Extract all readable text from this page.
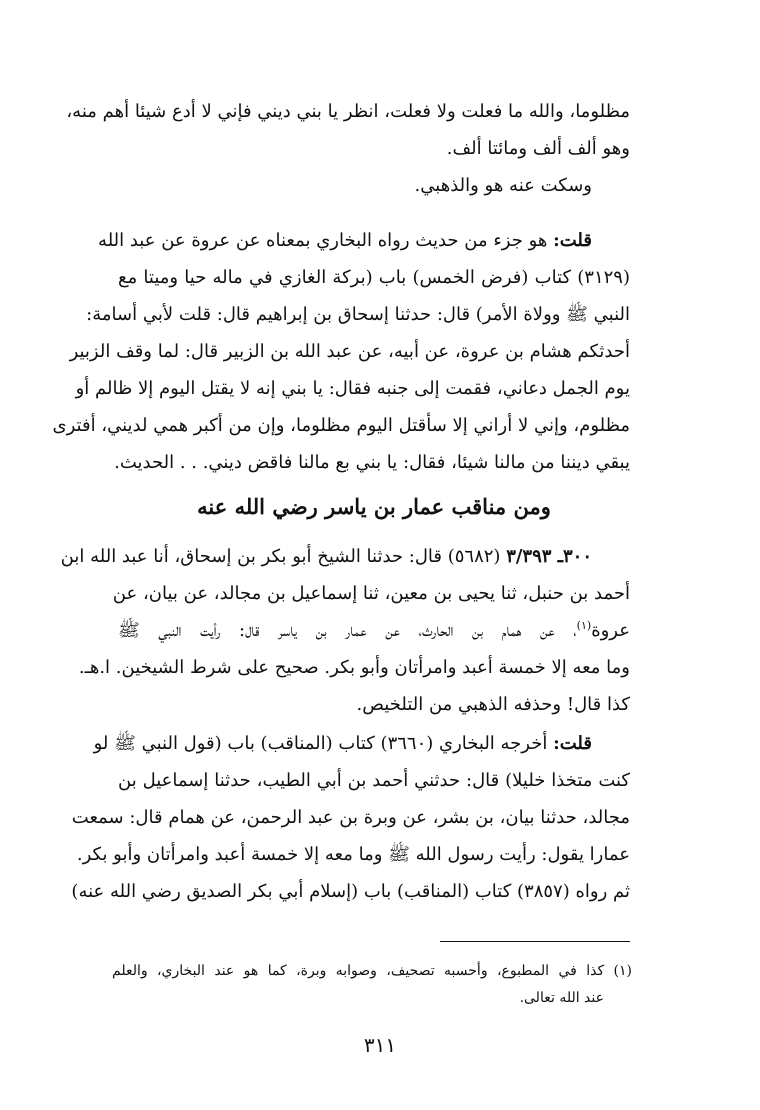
مظلوما، والله ما فعلت ولا فعلت، انظر يا بني ديني فإني لا أدع شيئا أهم منه،

وهو ألف ألف ومائتا ألف.

وسكت عنه هو والذهبي.

قلت: هو جزء من حديث رواه البخاري بمعناه عن عروة عن عبد الله

(٣١٢٩) كتاب (فرض الخمس) باب (بركة الغازي في ماله حيا وميتا مع

النبي ﷺ وولاة الأمر) قال: حدثنا إسحاق بن إبراهيم قال: قلت لأبي أسامة:

أحدثكم هشام بن عروة، عن أبيه، عن عبد الله بن الزبير قال: لما وقف الزبير

يوم الجمل دعاني، فقمت إلى جنبه فقال: يا بني إنه لا يقتل اليوم إلا ظالم أو

مظلوم، وإني لا أراني إلا سأقتل اليوم مظلوما، وإن من أكبر همي لديني، أفترى

يبقي ديننا من مالنا شيئا، فقال: يا بني بع مالنا فاقض ديني. . . الحديث.

ومن مناقب عمار بن ياسر رضي الله عنه

٣٠٠ـ ٣/٣٩٣ (٥٦٨٢) قال: حدثنا الشيخ أبو بكر بن إسحاق، أنا عبد الله ابن

أحمد بن حنبل، ثنا يحيى بن معين، ثنا إسماعيل بن مجالد، عن بيان، عن

عروة$^{(١)}$، عن همام بن الحارث، عن عمار بن ياسر قال: رأيت النبي ﷺ

وما معه إلا خمسة أعبد وامرأتان وأبو بكر. صحيح على شرط الشيخين. ا.هـ.

كذا قال! وحذفه الذهبي من التلخيص.

قلت: أخرجه البخاري (٣٦٦٠) كتاب (المناقب) باب (قول النبي ﷺ لو

كنت متخذا خليلا) قال: حدثني أحمد بن أبي الطيب، حدثنا إسماعيل بن

مجالد، حدثنا بيان، بن بشر، عن وبرة بن عبد الرحمن، عن همام قال: سمعت

عمارا يقول: رأيت رسول الله ﷺ وما معه إلا خمسة أعبد وامرأتان وأبو بكر.

ثم رواه (٣٨٥٧) كتاب (المناقب) باب (إسلام أبي بكر الصديق رضي الله عنه)

(١) كذا في المطبوع، وأحسبه تصحيف، وصوابه وبرة، كما هو عند البخاري، والعلم

عند الله تعالى.

٣١١
